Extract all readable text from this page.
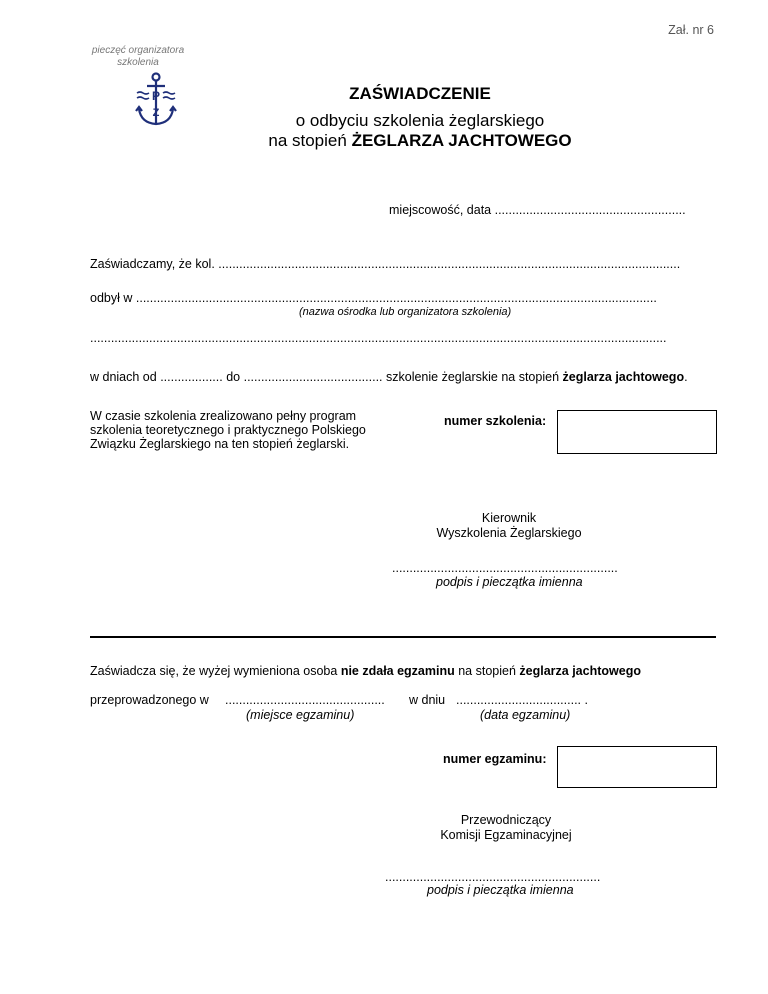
Zał. nr 6
pieczęć organizatora
szkolenia
P
Ż
ZAŚWIADCZENIE
o odbyciu szkolenia żeglarskiego
na stopień ŻEGLARZA JACHTOWEGO
miejscowość, data .......................................................
Zaświadczamy, że kol. .....................................................................................................................................
odbył w ......................................................................................................................................................
(nazwa ośrodka lub organizatora szkolenia)
......................................................................................................................................................................
w dniach od .................. do ........................................ szkolenie żeglarskie na stopień żeglarza jachtowego.
W czasie szkolenia zrealizowano pełny program
szkolenia teoretycznego i praktycznego Polskiego
Związku Żeglarskiego na ten stopień żeglarski.
numer szkolenia:
Kierownik
Wyszkolenia Żeglarskiego
.................................................................
podpis i pieczątka imienna
Zaświadcza się, że wyżej wymieniona osoba nie zdała egzaminu na stopień żeglarza jachtowego
przeprowadzonego w ..............................................
(miejsce egzaminu)
w dniu .................................... .
(data egzaminu)
numer egzaminu:
Przewodniczący
Komisji Egzaminacyjnej
..............................................................
podpis i pieczątka imienna
